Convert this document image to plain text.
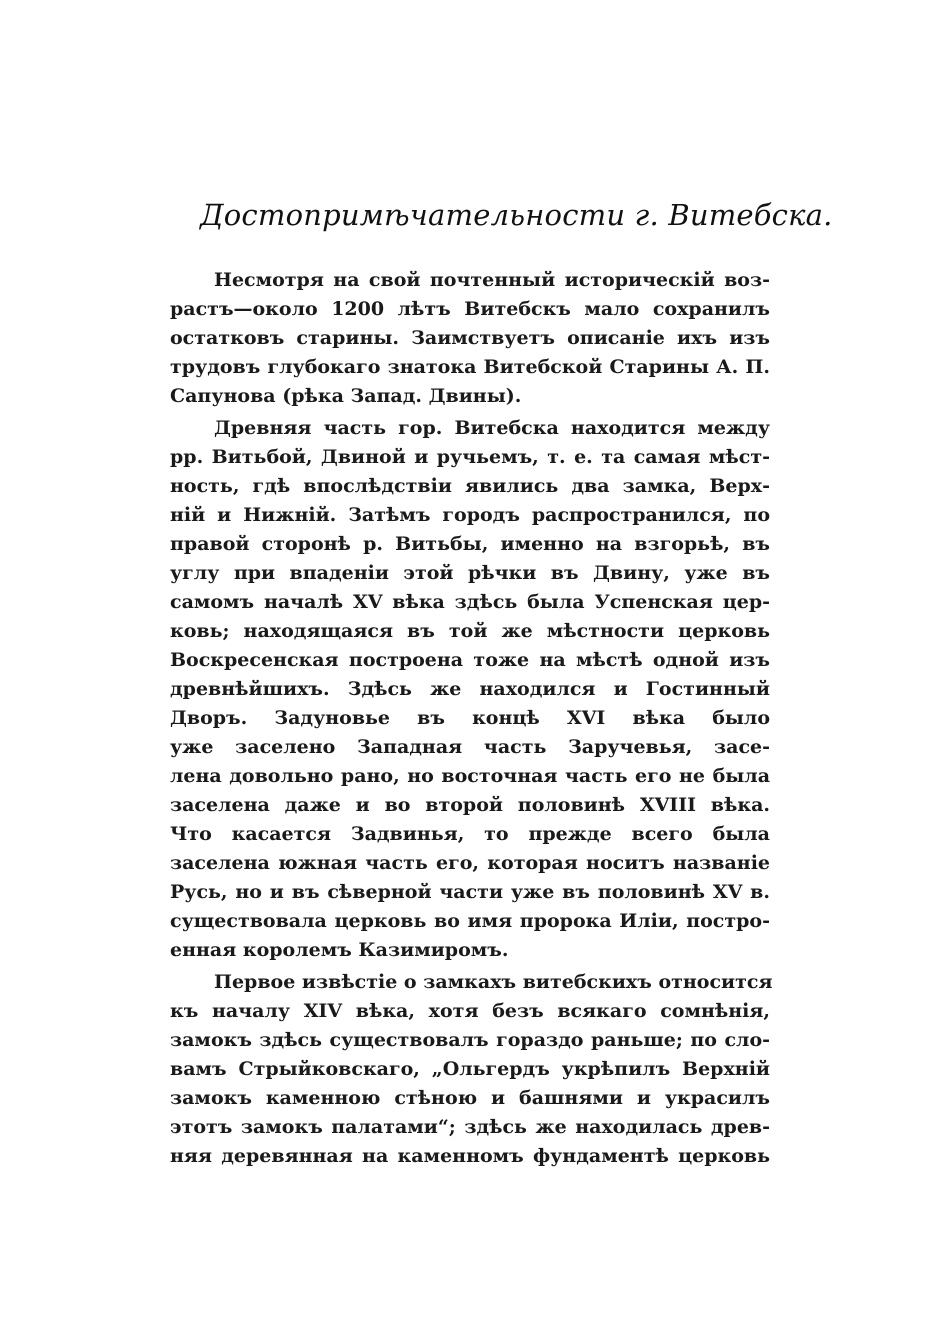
Достопримѣчательности г. Витебска.
Несмотря на свой почтенный историческій воз-
растъ—около 1200 лѣтъ Витебскъ мало сохранилъ
остатковъ старины. Заимствуетъ описаніе ихъ изъ
трудовъ глубокаго знатока Витебской Старины А. П.
Сапунова (рѣка Запад. Двины).
Древняя часть гор. Витебска находится между
рр. Витьбой, Двиной и ручьемъ, т. е. та самая мѣст-
ность, гдѣ впослѣдствіи явились два замка, Верх-
ній и Нижній. Затѣмъ городъ распространился, по
правой сторонѣ р. Витьбы, именно на взгорьѣ, въ
углу при впаденіи этой рѣчки въ Двину, уже въ
самомъ началѣ XV вѣка здѣсь была Успенская цер-
ковь; находящаяся въ той же мѣстности церковь
Воскресенская построена тоже на мѣстѣ одной изъ
древнѣйшихъ. Здѣсь же находился и Гостинный
Дворъ. Задуновье въ концѣ XVI вѣка было
уже заселено Западная часть Заручевья, засе-
лена довольно рано, но восточная часть его не была
заселена даже и во второй половинѣ XVIII вѣка.
Что касается Задвинья, то прежде всего была
заселена южная часть его, которая носитъ названіе
Русь, но и въ сѣверной части уже въ половинѣ XV в.
существовала церковь во имя пророка Иліи, постро-
енная королемъ Казимиромъ.
Первое извѣстіе о замкахъ витебскихъ относится
къ началу XIV вѣка, хотя безъ всякаго сомнѣнія,
замокъ здѣсь существовалъ гораздо раньше; по сло-
вамъ Стрыйковскаго, „Ольгердъ укрѣпилъ Верхній
замокъ каменною стѣною и башнями и украсилъ
этотъ замокъ палатами“; здѣсь же находилась древ-
няя деревянная на каменномъ фундаментѣ церковь
